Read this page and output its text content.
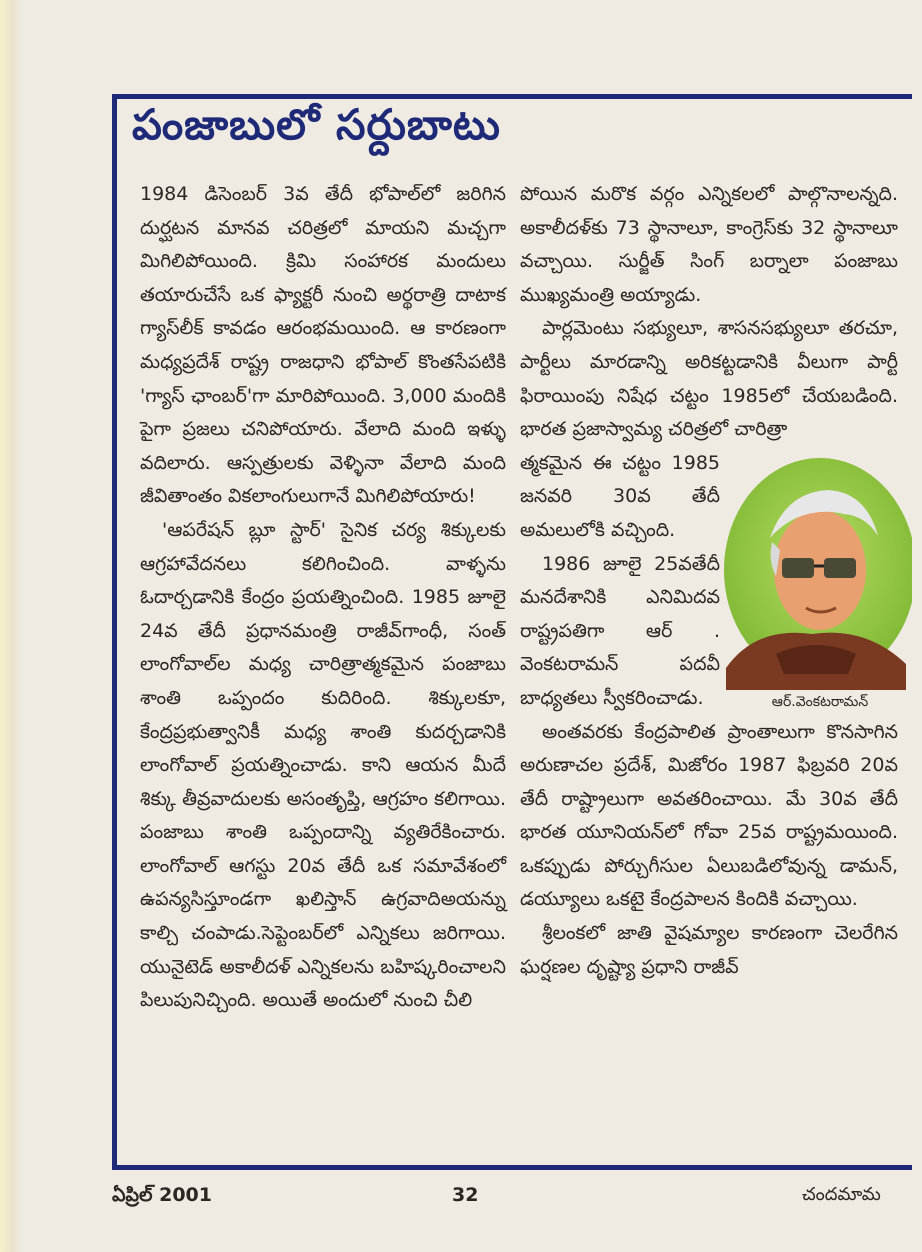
పంజాబులో సర్దుబాటు

1984 డిసెంబర్ 3వ తేదీ భోపాల్‌లో జరిగిన దుర్ఘటన మానవ చరిత్రలో మాయని మచ్చగా మిగిలిపోయింది. క్రిమి సంహారక మందులు తయారుచేసే ఒక ఫ్యాక్టరీ నుంచి అర్థరాత్రి దాటాక గ్యాస్‌లీక్ కావడం ఆరంభమయింది. ఆ కారణంగా మధ్యప్రదేశ్ రాష్ట్ర రాజధాని భోపాల్ కొంతసేపటికి 'గ్యాస్ ఛాంబర్'గా మారిపోయింది. 3,000 మందికి పైగా ప్రజలు చనిపోయారు. వేలాది మంది ఇళ్ళు వదిలారు. ఆస్పత్రులకు వెళ్ళినా వేలాది మంది జీవితాంతం వికలాంగులుగానే మిగిలిపోయారు!

'ఆపరేషన్ బ్లూ స్టార్' సైనిక చర్య శిక్కులకు ఆగ్రహావేదనలు కలిగించింది. వాళ్ళను ఓదార్చడానికి కేంద్రం ప్రయత్నించింది. 1985 జూలై 24వ తేదీ ప్రధానమంత్రి రాజీవ్‌గాంధీ, సంత్ లాంగోవాల్‌ల మధ్య చారిత్రాత్మకమైన పంజాబు శాంతి ఒప్పందం కుదిరింది. శిక్కులకూ, కేంద్రప్రభుత్వానికీ మధ్య శాంతి కుదర్చడానికి లాంగోవాల్ ప్రయత్నించాడు. కాని ఆయన మీదే శిక్కు తీవ్రవాదులకు అసంతృప్తి, ఆగ్రహం కలిగాయి. పంజాబు శాంతి ఒప్పందాన్ని వ్యతిరేకించారు. లాంగోవాల్ ఆగస్టు 20వ తేదీ ఒక సమావేశంలో ఉపన్యసిస్తూండగా ఖలిస్తాన్ ఉగ్రవాదిఅయన్ను కాల్చి చంపాడు.సెప్టెంబర్‌లో ఎన్నికలు జరిగాయి. యునైటెడ్ అకాలీదళ్ ఎన్నికలను బహిష్కరించాలని పిలుపునిచ్చింది. అయితే అందులో నుంచి చీలి

పోయిన మరొక వర్గం ఎన్నికలలో పాల్గొనాలన్నది. అకాలీదళ్‌కు 73 స్థానాలూ, కాంగ్రెస్‌కు 32 స్థానాలూ వచ్చాయి. సుర్జీత్ సింగ్ బర్నాలా పంజాబు ముఖ్యమంత్రి అయ్యాడు.

పార్లమెంటు సభ్యులూ, శాసనసభ్యులూ తరచూ, పార్టీలు మారడాన్ని అరికట్టడానికి వీలుగా పార్టీ ఫిరాయింపు నిషేధ చట్టం 1985లో చేయబడింది. భారత ప్రజాస్వామ్య చరిత్రలో చారిత్రా

త్మకమైన ఈ చట్టం 1985 జనవరి 30వ తేదీ అమలులోకి వచ్చింది.

1986 జూలై 25వతేదీ మనదేశానికి ఎనిమిదవ రాష్ట్రపతిగా ఆర్ . వెంకటరామన్ పదవీ బాధ్యతలు స్వీకరించాడు.

అంతవరకు కేంద్రపాలిత ప్రాంతాలుగా కొనసాగిన అరుణాచల ప్రదేశ్, మిజోరం 1987 ఫిబ్రవరి 20వ తేదీ రాష్ట్రాలుగా అవతరించాయి. మే 30వ తేదీ భారత యూనియన్‌లో గోవా 25వ రాష్ట్రమయింది. ఒకప్పుడు పోర్చుగీసుల ఏలుబడిలోవున్న డామన్, డయ్యూలు ఒకటై కేంద్రపాలన కిందికి వచ్చాయి.

శ్రీలంకలో జాతి వైషమ్యాల కారణంగా చెలరేగిన ఘర్షణల దృష్ట్యా ప్రధాని రాజీవ్

ఆర్.వెంకటరామన్
ఏప్రిల్ 2001	32	చందమామ
